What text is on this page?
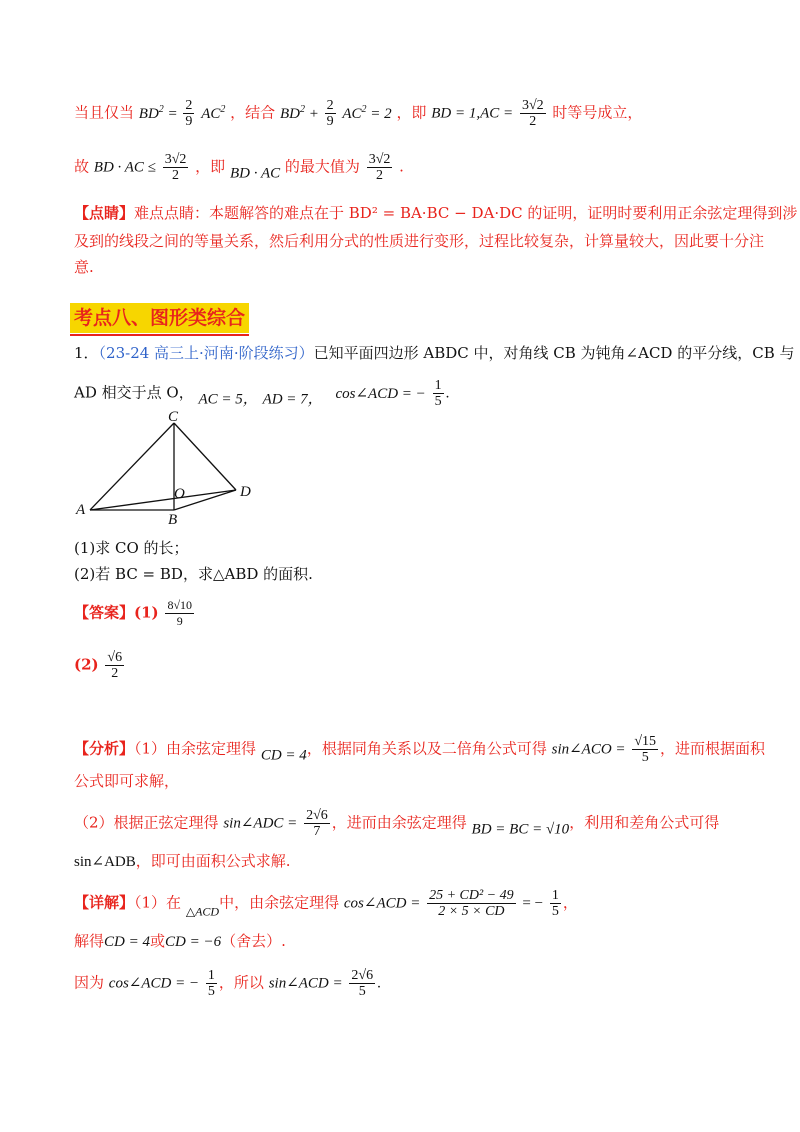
当且仅当 $BD^2 = \frac{2}{9} AC^2$ ，结合 $BD^2 + \frac{2}{9} AC^2 = 2$ ，即 BD = $1,AC = \frac{3√2}{2}$ 时等号成立，
故 BD · AC ≤ $\frac{3√2}{2}$ ，即 BD · AC 的最大值为 $\frac{3√2}{2}$ .
【点睛】难点点睛：本题解答的难点在于 BD² = BA·BC − DA·DC 的证明，证明时要利用正余弦定理得到涉
及到的线段之间的等量关系，然后利用分式的性质进行变形，过程比较复杂，计算量较大，因此要十分注
意.
考点八、图形类综合
1．（23-24 高三上·河南·阶段练习）已知平面四边形 ABDC 中，对角线 CB 为钝角∠ACD 的平分线，CB 与
AD 相交于点 O， AC = 5， AD = 7， cos∠ACD = − $\frac{1}{5}$ .
C
A
B
D
O
(1)求 CO 的长；
(2)若 BC = BD，求△ABD 的面积.
【答案】$(1) \frac{8√10}{9}$
$(2) \frac{√6}{2}$
【分析】（1）由余弦定理得 CD = 4，根据同角关系以及二倍角公式可得 sin∠ACO = $\frac{√15}{5}$ ，进而根据面积
公式即可求解，
（2）根据正弦定理得 sin∠ADC = $\frac{2√6}{7}$ ，进而由余弦定理得 BD = BC = √10，利用和差角公式可得
sin∠ADB，即可由面积公式求解.
【详解】（1）在 $_{\triangle ACD}$中，由余弦定理得 cos∠ACD = $\frac{\text{25 + CD² − 49}}{2 \times 5 \times CD}$ = − $\frac{1}{5}$ ，
解得CD = 4或CD = −6（舍去）.
因为 cos∠ACD = − $\frac{1}{5}$ ，所以 sin∠ACD = $\frac{2√6}{5}$ .
